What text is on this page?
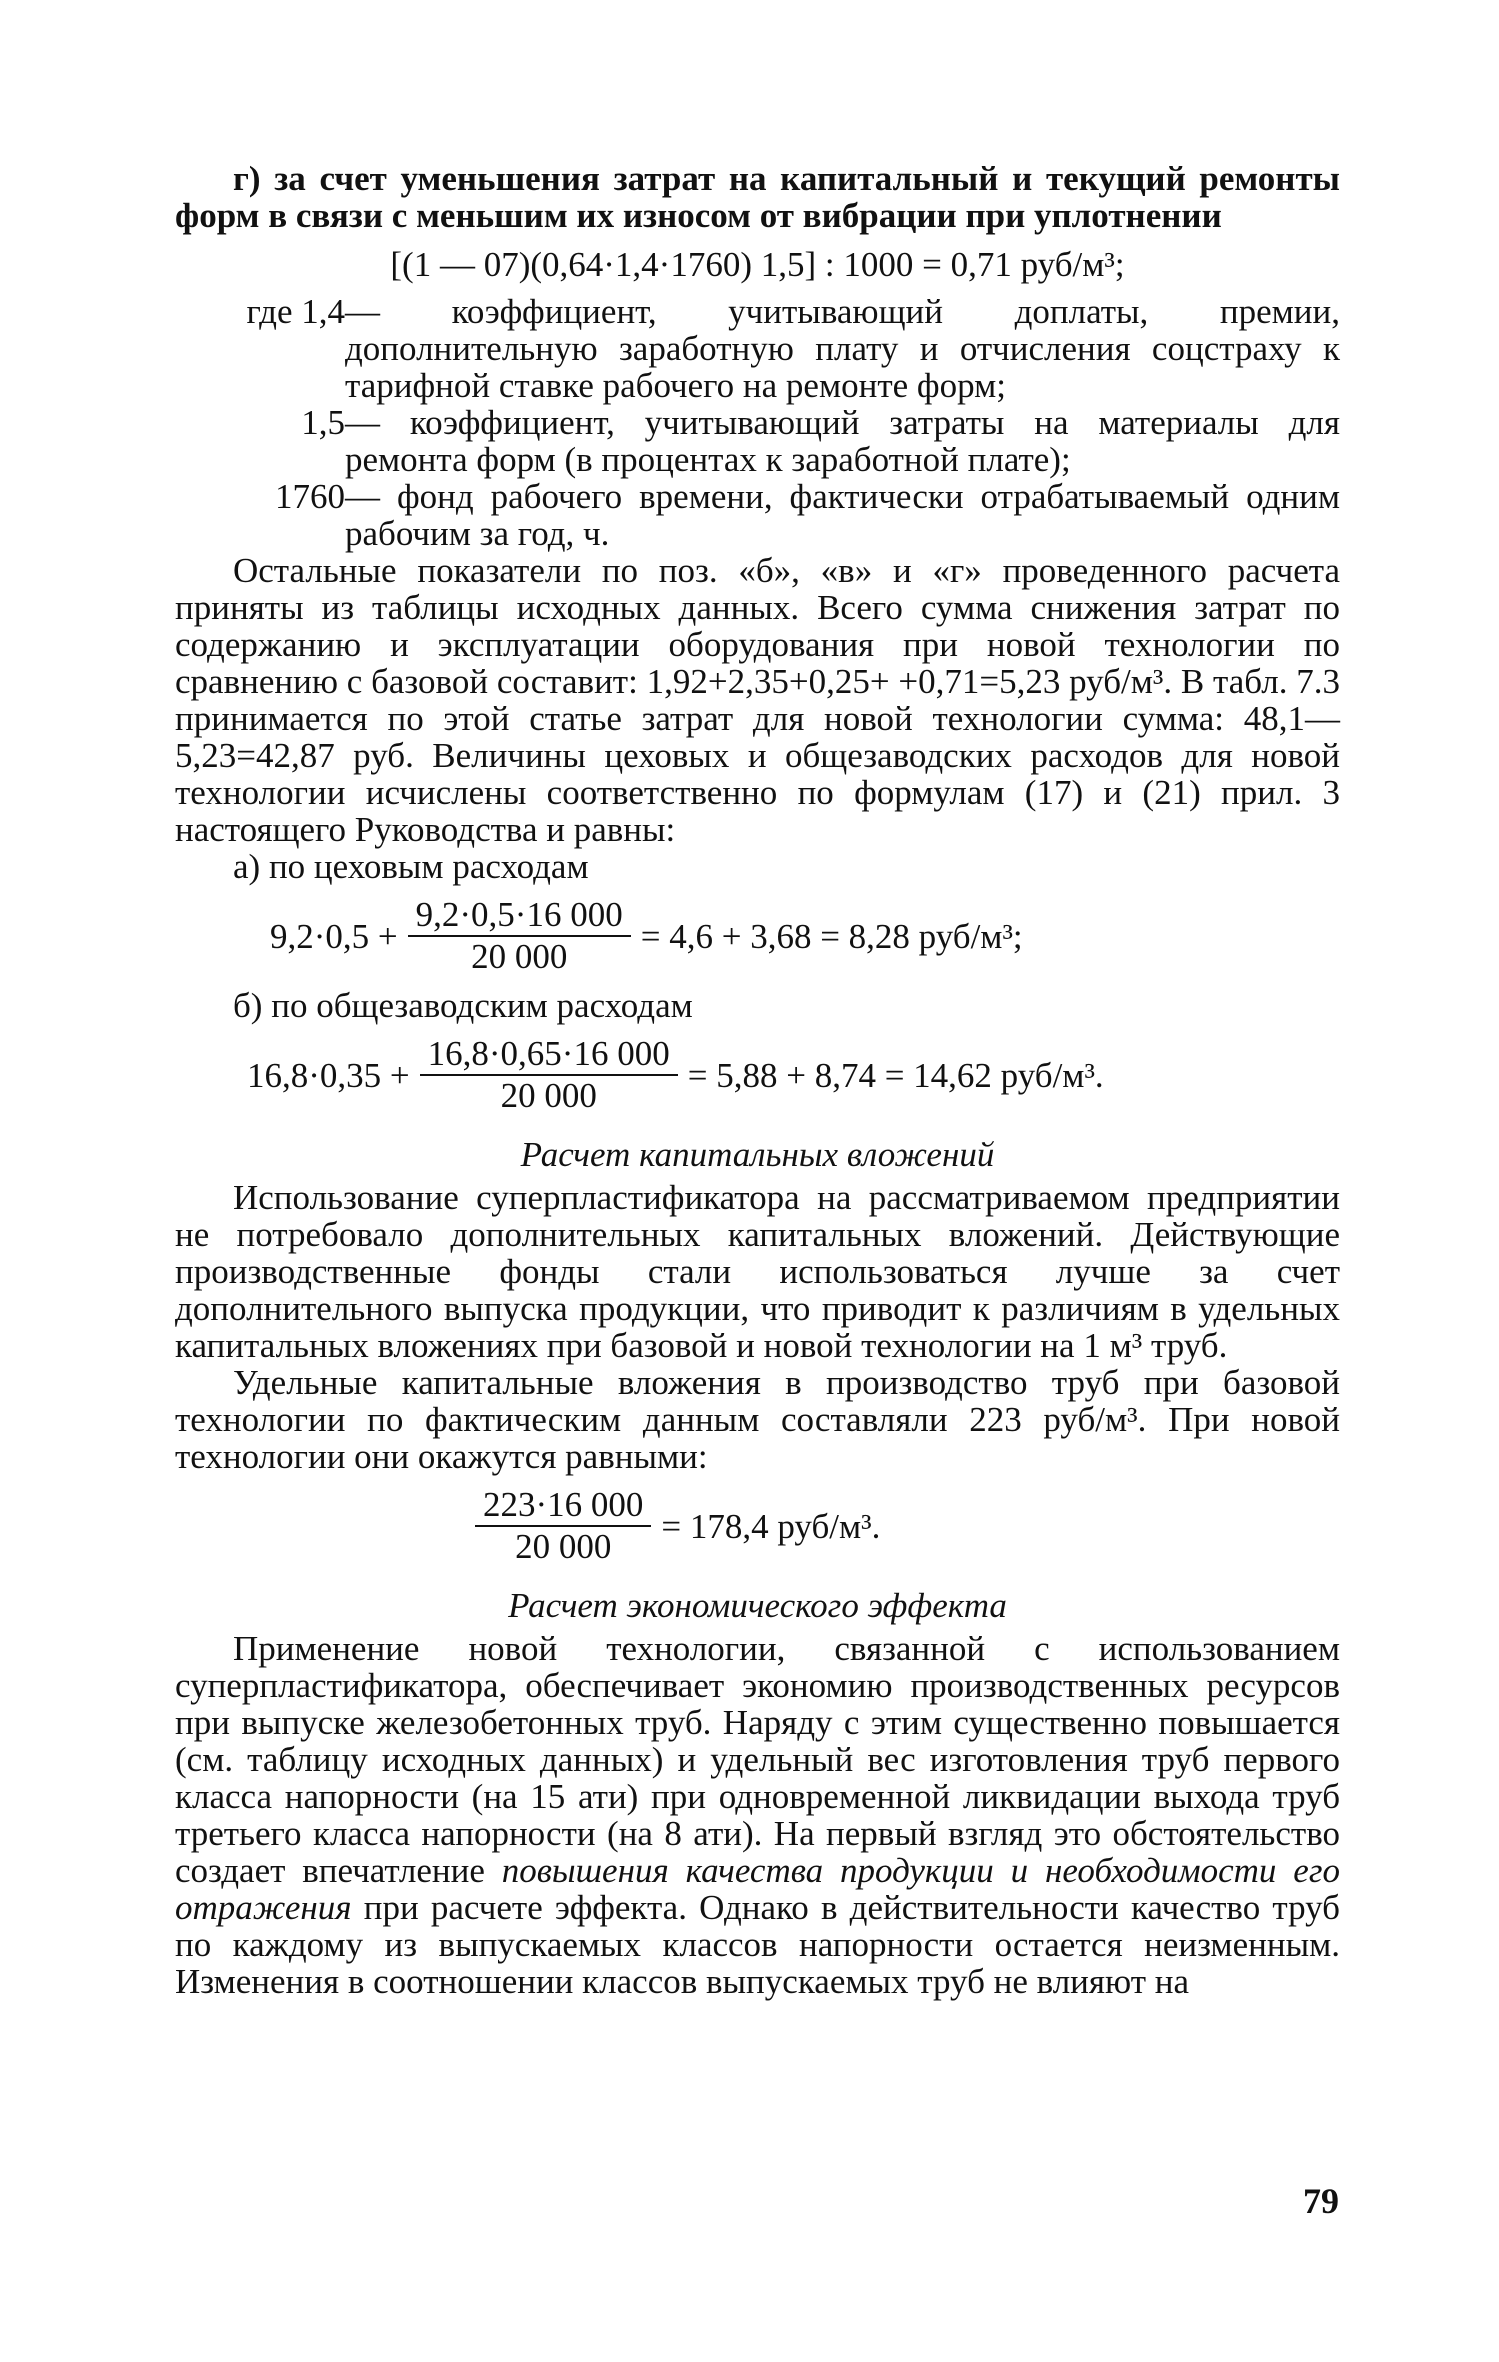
г) за счет уменьшения затрат на капитальный и текущий ремонты форм в связи с меньшим их износом от вибрации при уплотнении

[(1 — 07)(0,64·1,4·1760) 1,5] : 1000 = 0,71 руб/м³;

где 1,4 — коэффициент, учитывающий доплаты, премии, дополнительную заработную плату и отчисления соцстраху к тарифной ставке рабочего на ремонте форм;
1,5 — коэффициент, учитывающий затраты на материалы для ремонта форм (в процентах к заработной плате);
1760 — фонд рабочего времени, фактически отрабатываемый одним рабочим за год, ч.

Остальные показатели по поз. «б», «в» и «г» проведенного расчета приняты из таблицы исходных данных. Всего сумма снижения затрат по содержанию и эксплуатации оборудования при новой технологии по сравнению с базовой составит: 1,92+2,35+0,25+ +0,71=5,23 руб/м³. В табл. 7.3 принимается по этой статье затрат для новой технологии сумма: 48,1—5,23=42,87 руб. Величины цеховых и общезаводских расходов для новой технологии исчислены соответственно по формулам (17) и (21) прил. 3 настоящего Руководства и равны:

а) по цеховым расходам

$9,2\cdot 0,5 + \frac{9,2\cdot 0,5\cdot 16 000}{20 000} = 4,6 + 3,68 = 8,28$ руб/м³;

б) по общезаводским расходам

$16,8\cdot 0,35 + \frac{16,8\cdot 0,65\cdot 16 000}{20 000} = 5,88 + 8,74 = 14,62$ руб/м³.

Расчет капитальных вложений

Использование суперпластификатора на рассматриваемом предприятии не потребовало дополнительных капитальных вложений. Действующие производственные фонды стали использоваться лучше за счет дополнительного выпуска продукции, что приводит к различиям в удельных капитальных вложениях при базовой и новой технологии на 1 м³ труб.

Удельные капитальные вложения в производство труб при базовой технологии по фактическим данным составляли 223 руб/м³. При новой технологии они окажутся равными:

$\frac{223\cdot 16 000}{20 000} = 178,4$ руб/м³.

Расчет экономического эффекта

Применение новой технологии, связанной с использованием суперпластификатора, обеспечивает экономию производственных ресурсов при выпуске железобетонных труб. Наряду с этим существенно повышается (см. таблицу исходных данных) и удельный вес изготовления труб первого класса напорности (на 15 ати) при одновременной ликвидации выхода труб третьего класса напорности (на 8 ати). На первый взгляд это обстоятельство создает впечатление повышения качества продукции и необходимости его отражения при расчете эффекта. Однако в действительности качество труб по каждому из выпускаемых классов напорности остается неизменным. Изменения в соотношении классов выпускаемых труб не влияют на

79
